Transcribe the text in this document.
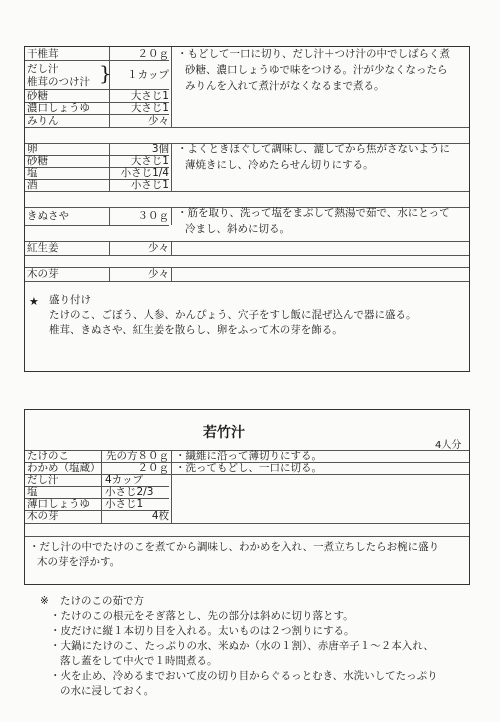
干椎茸	２０ｇ
だし汁
椎茸のつけ汁 }	１カップ
砂糖	大さじ1
濃口しょうゆ	大さじ1
みりん	少々
・もどして一口に切り、だし汁＋つけ汁の中でしばらく煮
砂糖、濃口しょうゆで味をつける。汁が少なくなったら
みりんを入れて煮汁がなくなるまで煮る。
卵	3個
砂糖	大さじ1
塩	小さじ1/4
酒	小さじ1
・よくときほぐして調味し、漉してから焦がさないように
薄焼きにし、冷めたらせん切りにする。
きぬさや	３０ｇ ・筋を取り、洗って塩をまぶして熱湯で茹で、水にとって
冷まし、斜めに切る。
紅生姜	少々
木の芽	少々
★ 盛り付け
たけのこ、ごぼう、人参、かんぴょう、穴子をすし飯に混ぜ込んで器に盛る。
椎茸、きぬさや、紅生姜を散らし、卵をふって木の芽を飾る。
若竹汁
4人分
たけのこ	先の方８０ｇ ・繊維に沿って薄切りにする。
わかめ（塩蔵）	２０ｇ ・洗ってもどし、一口に切る。
だし汁	4カップ
塩	小さじ2/3
薄口しょうゆ 小さじ1
木の芽	4枚
・だし汁の中でたけのこを煮てから調味し、わかめを入れ、一煮立ちしたらお椀に盛り
木の芽を浮かす。
※ たけのこの茹で方
・たけのこの根元をそぎ落とし、先の部分は斜めに切り落とす。
・皮だけに縦１本切り目を入れる。太いものは２つ割りにする。
・大鍋にたけのこ、たっぷりの水、米ぬか（水の１割）、赤唐辛子１～２本入れ、
落し蓋をして中火で１時間煮る。
・火を止め、冷めるまでおいて皮の切り目からぐるっとむき、水洗いしてたっぷり
の水に浸しておく。
